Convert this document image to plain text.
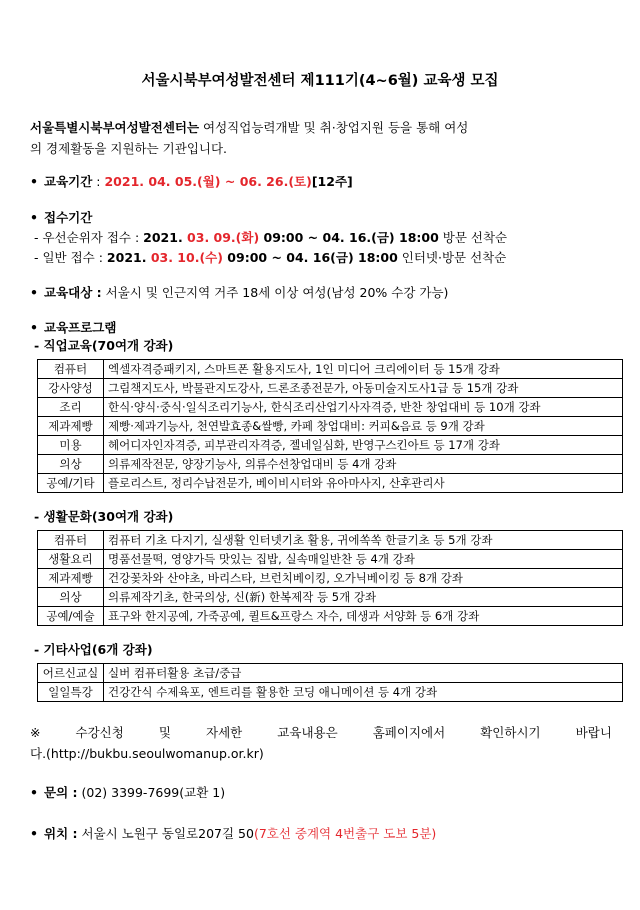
서울시북부여성발전센터 제111기(4~6월) 교육생 모집
서울특별시북부여성발전센터는 여성직업능력개발 및 취·창업지원 등을 통해 여성
의 경제활동을 지원하는 기관입니다.
• 교육기간 : 2021. 04. 05.(월) ~ 06. 26.(토)[12주]
• 접수기간
- 우선순위자 접수 : 2021. 03. 09.(화) 09:00 ~ 04. 16.(금) 18:00 방문 선착순
- 일반 접수 : 2021. 03. 10.(수) 09:00 ~ 04. 16(금) 18:00 인터넷·방문 선착순
• 교육대상 : 서울시 및 인근지역 거주 18세 이상 여성(남성 20% 수강 가능)
• 교육프로그램
- 직업교육(70여개 강좌)
컴퓨터	엑셀자격증패키지, 스마트폰 활용지도사, 1인 미디어 크리에이터 등 15개 강좌
강사양성	그림책지도사, 박물관지도강사, 드론조종전문가, 아동미술지도사1급 등 15개 강좌
조리	한식·양식·중식·일식조리기능사, 한식조리산업기사자격증, 반찬 창업대비 등 10개 강좌
제과제빵	제빵·제과기능사, 천연발효종&쌀빵, 카페 창업대비: 커피&음료 등 9개 강좌
미용	헤어디자인자격증, 피부관리자격증, 젤네일심화, 반영구스킨아트 등 17개 강좌
의상	의류제작전문, 양장기능사, 의류수선창업대비 등 4개 강좌
공예/기타	플로리스트, 정리수납전문가, 베이비시터와 유아마사지, 산후관리사
- 생활문화(30여개 강좌)
컴퓨터	컴퓨터 기초 다지기, 실생활 인터넷기초 활용, 귀에쏙쏙 한글기초 등 5개 강좌
생활요리	명품선물떡, 영양가득 맛있는 집밥, 실속매일반찬 등 4개 강좌
제과제빵	건강꽃차와 산야초, 바리스타, 브런치베이킹, 오가닉베이킹 등 8개 강좌
의상	의류제작기초, 한국의상, 신(新) 한복제작 등 5개 강좌
공예/예술	표구와 한지공예, 가죽공예, 퀼트&프랑스 자수, 데생과 서양화 등 6개 강좌
- 기타사업(6개 강좌)
어르신교실	실버 컴퓨터활용 초급/중급
일일특강	건강간식 수제육포, 엔트리를 활용한 코딩 애니메이션 등 4개 강좌
※	수강신청	및	자세한	교육내용은	홈페이지에서	확인하시기	바랍니
다.(http://bukbu.seoulwomanup.or.kr)
• 문의 : (02) 3399-7699(교환 1)
• 위치 : 서울시 노원구 동일로207길 50(7호선 중계역 4번출구 도보 5분)
